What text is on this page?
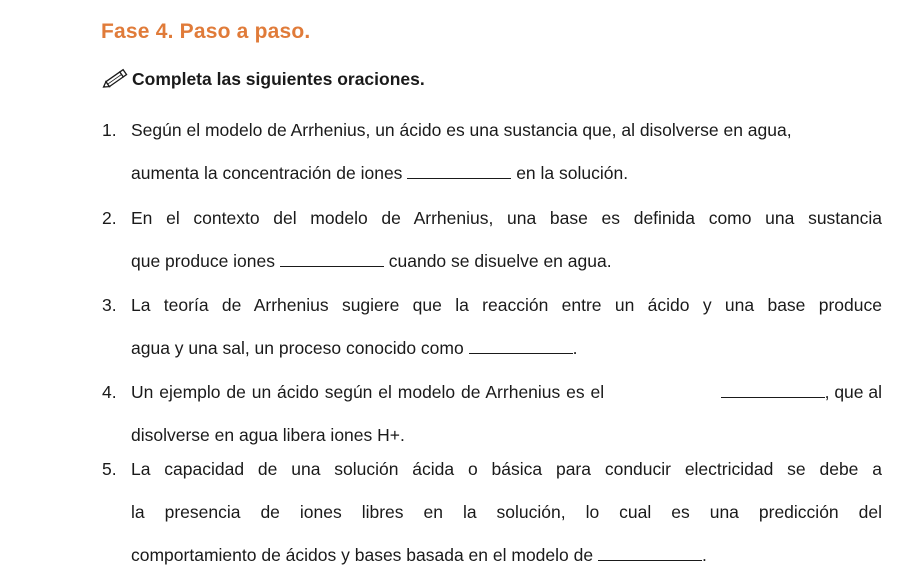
Fase 4. Paso a paso.
Completa las siguientes oraciones.
1. Según el modelo de Arrhenius, un ácido es una sustancia que, al disolverse en agua,
aumenta la concentración de iones	en la solución.
2. En el contexto del modelo de Arrhenius, una base es definida como una sustancia
que produce iones	cuando se disuelve en agua.
3. La teoría de Arrhenius sugiere que la reacción entre un ácido y una base produce
agua y una sal, un proceso conocido como	.
4. Un ejemplo de un ácido según el modelo de Arrhenius es el	, que al
disolverse en agua libera iones H+.
5. La capacidad de una solución ácida o básica para conducir electricidad se debe a
la presencia de iones libres en la solución, lo cual es una predicción del
comportamiento de ácidos y bases basada en el modelo de	.
